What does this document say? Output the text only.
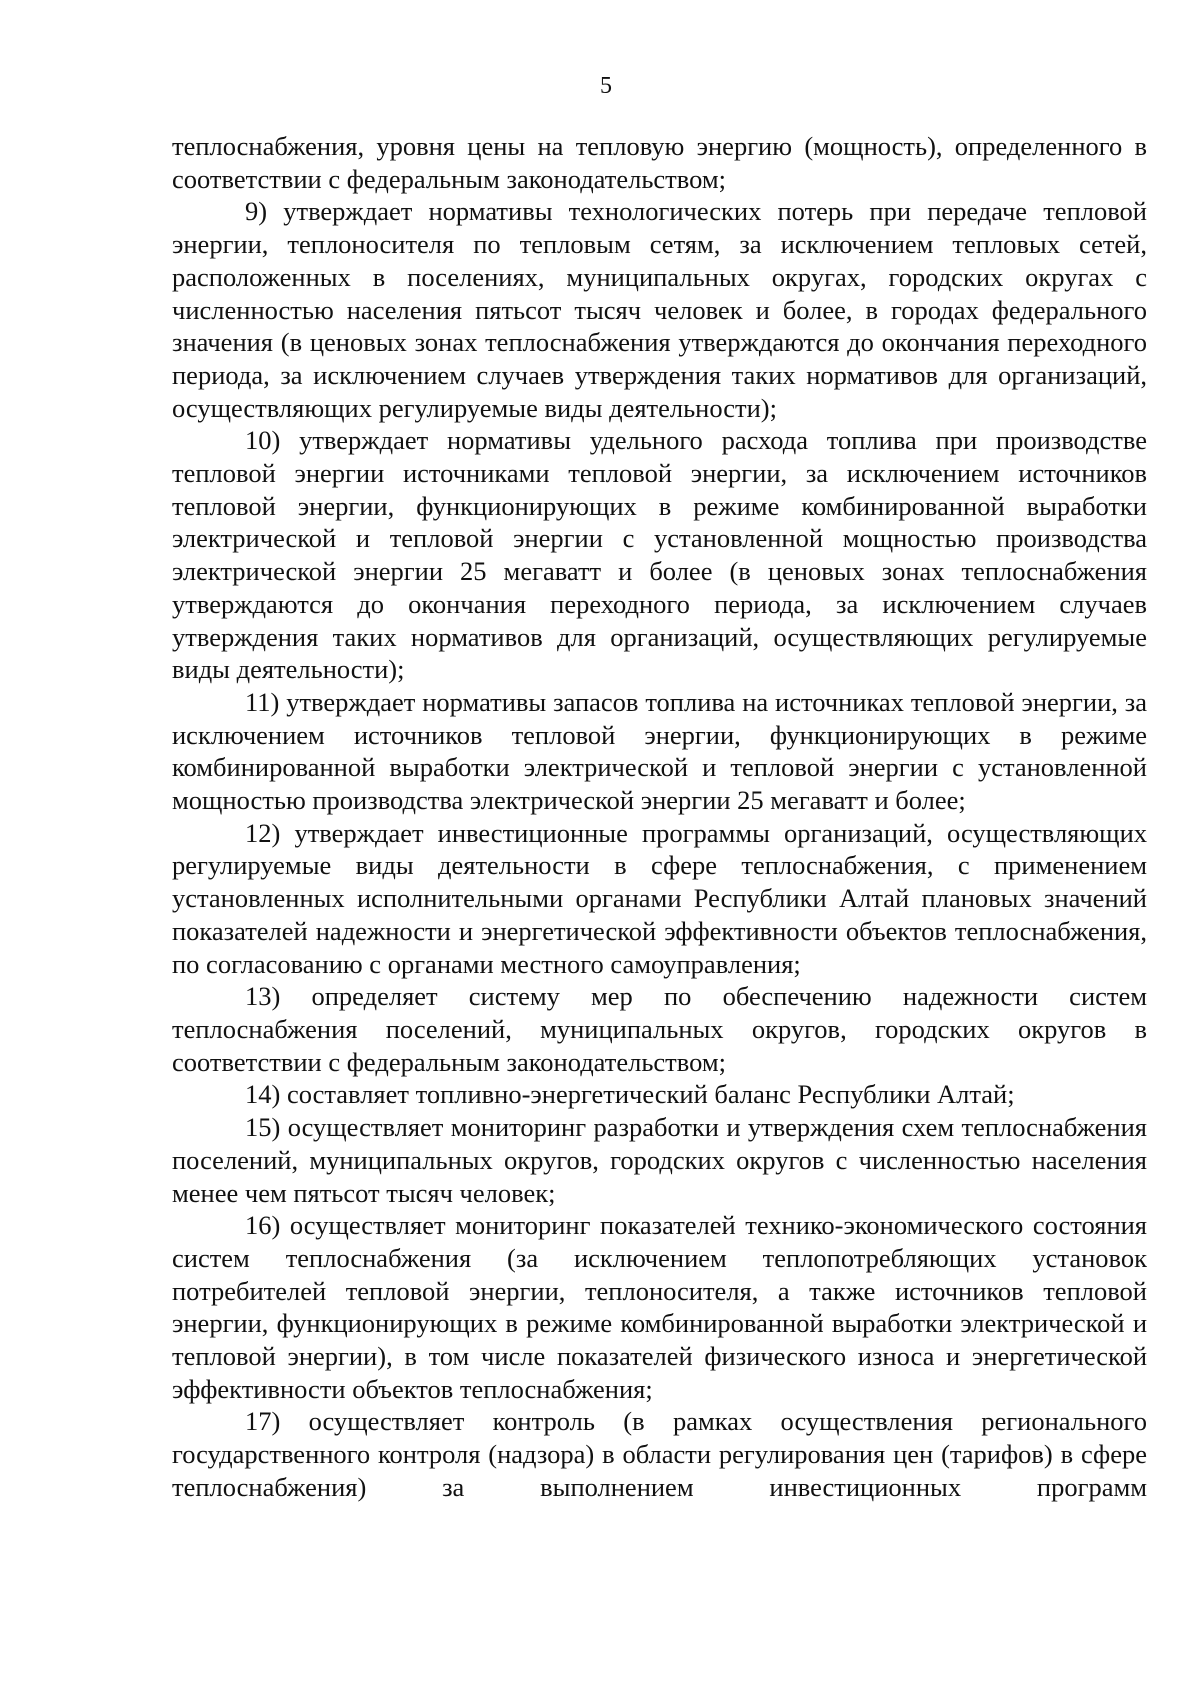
5

теплоснабжения, уровня цены на тепловую энергию (мощность), определенного в соответствии с федеральным законодательством;

9) утверждает нормативы технологических потерь при передаче тепловой энергии, теплоносителя по тепловым сетям, за исключением тепловых сетей, расположенных в поселениях, муниципальных округах, городских округах с численностью населения пятьсот тысяч человек и более, в городах федерального значения (в ценовых зонах теплоснабжения утверждаются до окончания переходного периода, за исключением случаев утверждения таких нормативов для организаций, осуществляющих регулируемые виды деятельности);

10) утверждает нормативы удельного расхода топлива при производстве тепловой энергии источниками тепловой энергии, за исключением источников тепловой энергии, функционирующих в режиме комбинированной выработки электрической и тепловой энергии с установленной мощностью производства электрической энергии 25 мегаватт и более (в ценовых зонах теплоснабжения утверждаются до окончания переходного периода, за исключением случаев утверждения таких нормативов для организаций, осуществляющих регулируемые виды деятельности);

11) утверждает нормативы запасов топлива на источниках тепловой энергии, за исключением источников тепловой энергии, функционирующих в режиме комбинированной выработки электрической и тепловой энергии с установленной мощностью производства электрической энергии 25 мегаватт и более;

12) утверждает инвестиционные программы организаций, осуществляющих регулируемые виды деятельности в сфере теплоснабжения, с применением установленных исполнительными органами Республики Алтай плановых значений показателей надежности и энергетической эффективности объектов теплоснабжения, по согласованию с органами местного самоуправления;

13) определяет систему мер по обеспечению надежности систем теплоснабжения поселений, муниципальных округов, городских округов в соответствии с федеральным законодательством;

14) составляет топливно-энергетический баланс Республики Алтай;

15) осуществляет мониторинг разработки и утверждения схем теплоснабжения поселений, муниципальных округов, городских округов с численностью населения менее чем пятьсот тысяч человек;

16) осуществляет мониторинг показателей технико-экономического состояния систем теплоснабжения (за исключением теплопотребляющих установок потребителей тепловой энергии, теплоносителя, а также источников тепловой энергии, функционирующих в режиме комбинированной выработки электрической и тепловой энергии), в том числе показателей физического износа и энергетической эффективности объектов теплоснабжения;

17) осуществляет контроль (в рамках осуществления регионального государственного контроля (надзора) в области регулирования цен (тарифов) в сфере теплоснабжения) за выполнением инвестиционных программ
